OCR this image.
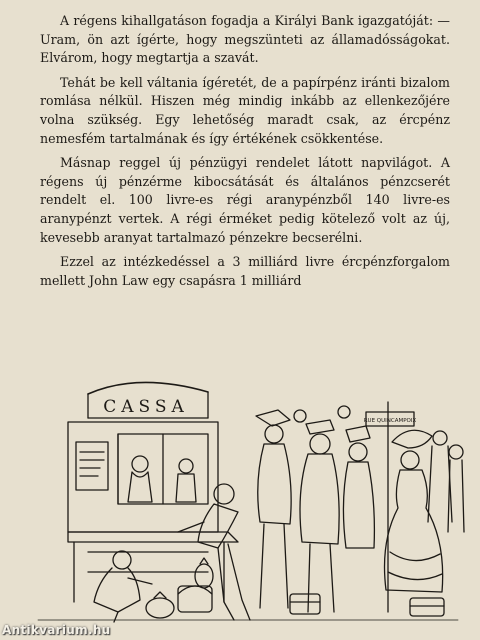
A régens kihallgatáson fogadja a Királyi Bank igazgatóját: — Uram, ön azt ígérte, hogy megszünteti az államadósságokat. Elvárom, hogy megtartja a szavát.

Tehát be kell váltania ígéretét, de a papírpénz iránti bizalom romlása nélkül. Hiszen még mindig inkább az ellenkezőjére volna szükség. Egy lehetőség maradt csak, az ércpénz nemesfém tartalmának és így értékének csökkentése.

Másnap reggel új pénzügyi rendelet látott napvilágot. A régens új pénzérme kibocsátását és általános pénzcserét rendelt el. 100 livre-es régi aranypénzből 140 livre-es aranypénzt vertek. A régi érméket pedig kötelező volt az új, kevesebb aranyat tartalmazó pénzekre becserélni.

Ezzel az intézkedéssel a 3 milliárd livre ércpénzforgalom mellett John Law egy csapásra 1 milliárd

CASSA
RUE QUINCAMPOIX
Antikvarium.hu
